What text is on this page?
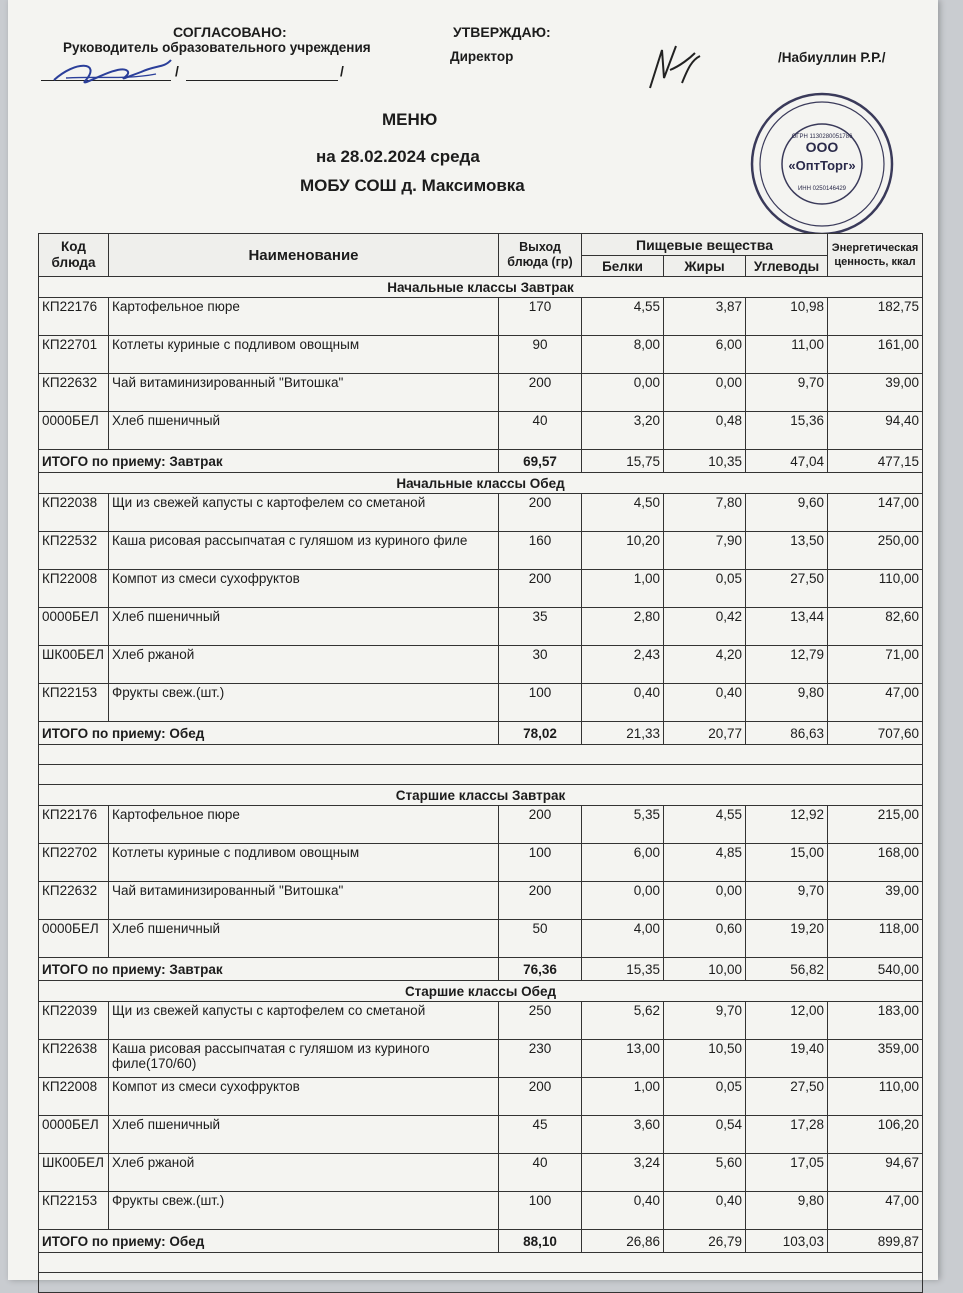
СОГЛАСОВАНО:
Руководитель образовательного учреждения
/	/
УТВЕРЖДАЮ:
Директор	/Набиуллин Р.Р./
МЕНЮ
на 28.02.2024 среда
МОБУ СОШ д. Максимовка
ООО
«ОптТорг»
ОГРН 1130280051786
ИНН 0250146429
Код блюда	Наименование	Выход блюда (гр)	Пищевые вещества			Энергетическая ценность, ккал
			Белки	Жиры	Углеводы	
Начальные классы Завтрак						
КП22176	Картофельное пюре	170	4,55	3,87	10,98	182,75
КП22701	Котлеты куриные с подливом овощным	90	8,00	6,00	11,00	161,00
КП22632	Чай витаминизированный "Витошка"	200	0,00	0,00	9,70	39,00
0000БЕЛ	Хлеб пшеничный	40	3,20	0,48	15,36	94,40
ИТОГО по приему: Завтрак		69,57	15,75	10,35	47,04	477,15
Начальные классы Обед						
КП22038	Щи из свежей капусты с картофелем со сметаной	200	4,50	7,80	9,60	147,00
КП22532	Каша рисовая рассыпчатая с гуляшом из куриного филе	160	10,20	7,90	13,50	250,00
КП22008	Компот из смеси сухофруктов	200	1,00	0,05	27,50	110,00
0000БЕЛ	Хлеб пшеничный	35	2,80	0,42	13,44	82,60
ШК00БЕЛ	Хлеб ржаной	30	2,43	4,20	12,79	71,00
КП22153	Фрукты свеж.(шт.)	100	0,40	0,40	9,80	47,00
ИТОГО по приему: Обед		78,02	21,33	20,77	86,63	707,60

Старшие классы Завтрак						
КП22176	Картофельное пюре	200	5,35	4,55	12,92	215,00
КП22702	Котлеты куриные с подливом овощным	100	6,00	4,85	15,00	168,00
КП22632	Чай витаминизированный "Витошка"	200	0,00	0,00	9,70	39,00
0000БЕЛ	Хлеб пшеничный	50	4,00	0,60	19,20	118,00
ИТОГО по приему: Завтрак		76,36	15,35	10,00	56,82	540,00
Старшие классы Обед						
КП22039	Щи из свежей капусты с картофелем со сметаной	250	5,62	9,70	12,00	183,00
КП22638	Каша рисовая рассыпчатая с гуляшом из куриного филе(170/60)	230	13,00	10,50	19,40	359,00
КП22008	Компот из смеси сухофруктов	200	1,00	0,05	27,50	110,00
0000БЕЛ	Хлеб пшеничный	45	3,60	0,54	17,28	106,20
ШК00БЕЛ	Хлеб ржаной	40	3,24	5,60	17,05	94,67
КП22153	Фрукты свеж.(шт.)	100	0,40	0,40	9,80	47,00
ИТОГО по приему: Обед		88,10	26,86	26,79	103,03	899,87
